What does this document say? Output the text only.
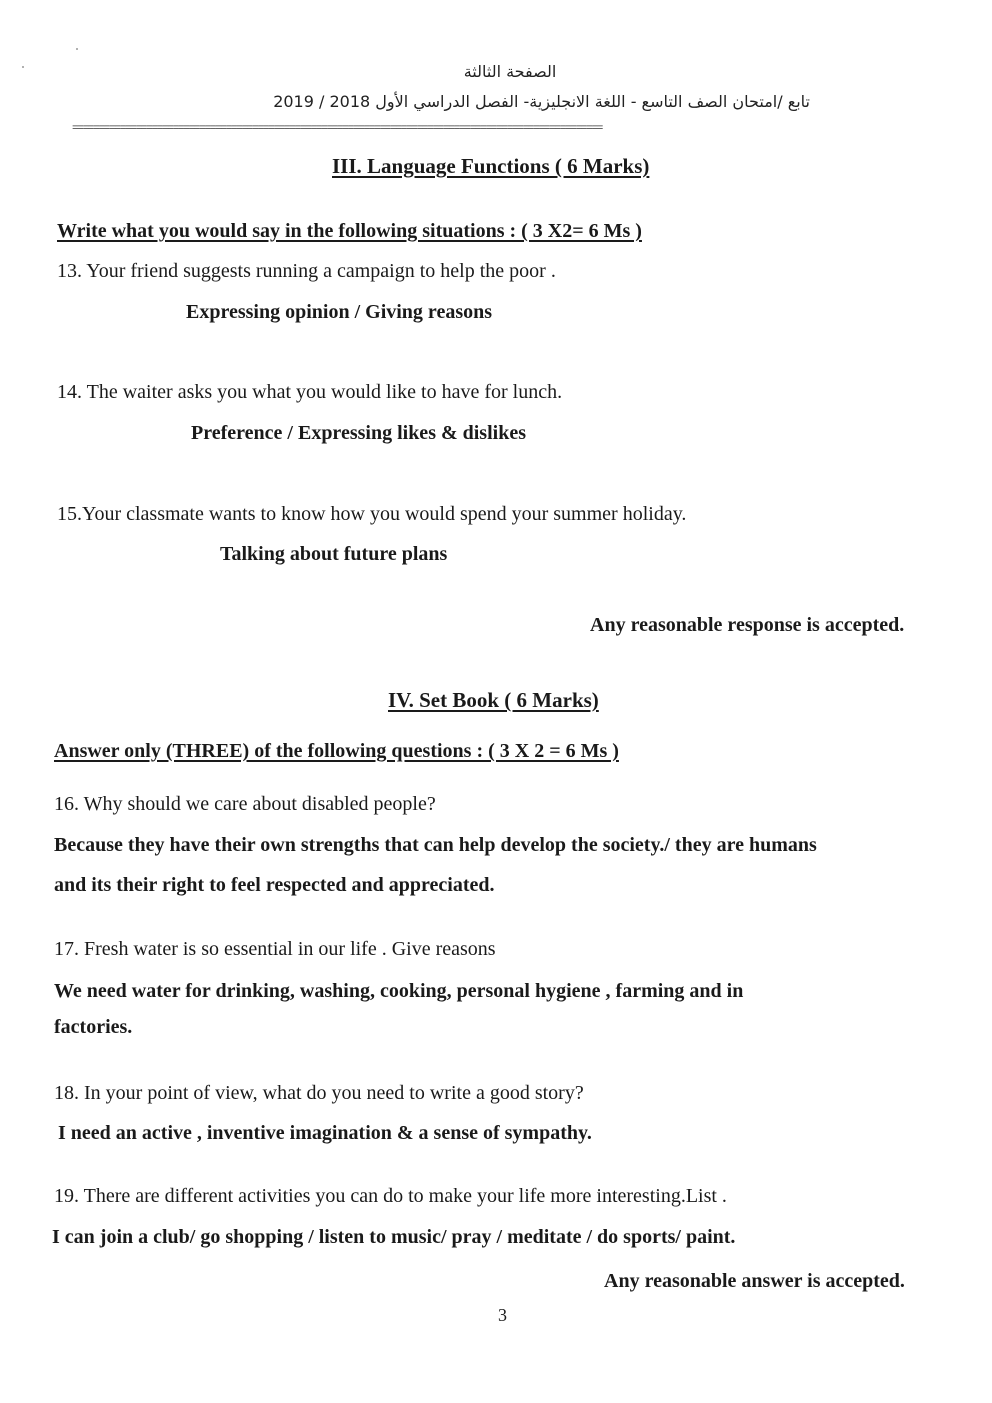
الصفحة الثالثة
تابع /امتحان الصف التاسع - اللغة الانجليزية- الفصل الدراسي الأول 2018 / 2019
====================================================================================================
III. Language Functions ( 6 Marks)
Write what you would say in the following situations : ( 3 X2= 6 Ms )
13. Your friend suggests running a campaign to help the poor .
Expressing opinion / Giving reasons
14. The waiter asks you what you would like to have for lunch.
Preference / Expressing likes & dislikes
15.Your classmate wants to know how you would spend your summer holiday.
Talking about future plans
Any reasonable response is accepted.
IV. Set Book ( 6 Marks)
Answer only (THREE) of the following questions : ( 3 X 2 = 6 Ms )
16. Why should we care about disabled people?
Because they have their own strengths that can help develop the society./ they are humans
and its their right to feel respected and appreciated.
17. Fresh water is so essential in our life . Give reasons
We need water for drinking, washing, cooking, personal hygiene , farming and in
factories.
18. In your point of view, what do you need to write a good story?
I need an active , inventive imagination & a sense of sympathy.
19. There are different activities you can do to make your life more interesting.List .
I can join a club/ go shopping / listen to music/ pray / meditate / do sports/ paint.
Any reasonable answer is accepted.
3
